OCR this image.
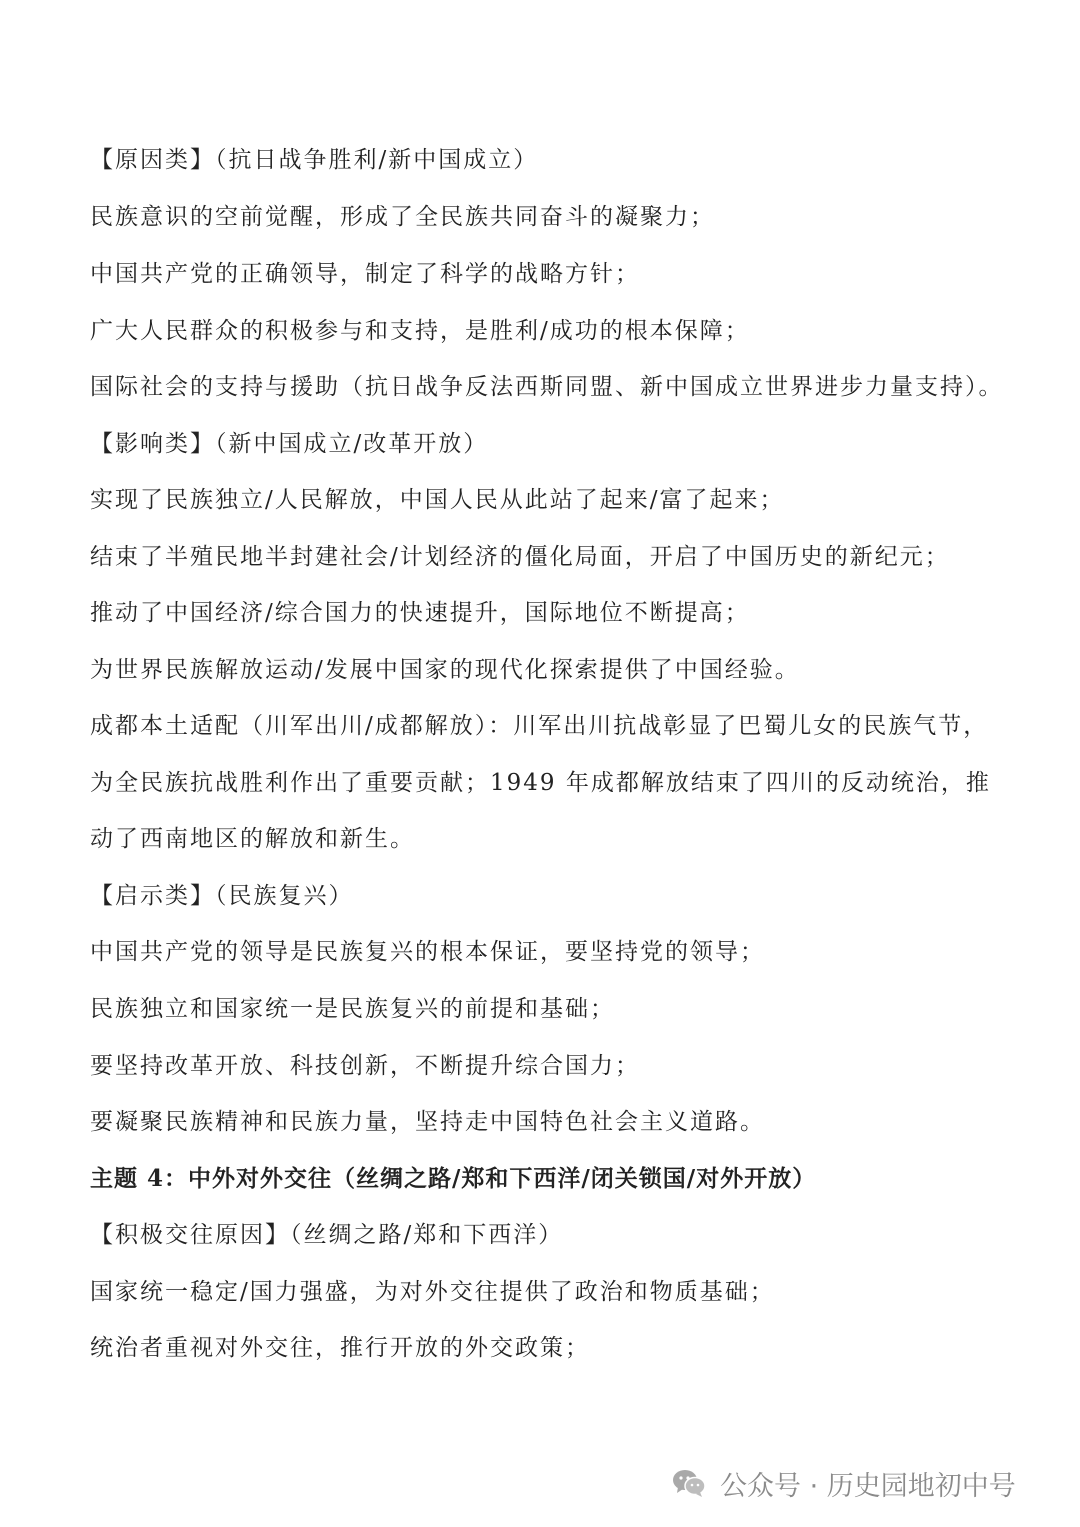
【原因类】（抗日战争胜利/新中国成立）
民族意识的空前觉醒，形成了全民族共同奋斗的凝聚力；
中国共产党的正确领导，制定了科学的战略方针；
广大人民群众的积极参与和支持，是胜利/成功的根本保障；
国际社会的支持与援助（抗日战争反法西斯同盟、新中国成立世界进步力量支持）。
【影响类】（新中国成立/改革开放）
实现了民族独立/人民解放，中国人民从此站了起来/富了起来；
结束了半殖民地半封建社会/计划经济的僵化局面，开启了中国历史的新纪元；
推动了中国经济/综合国力的快速提升，国际地位不断提高；
为世界民族解放运动/发展中国家的现代化探索提供了中国经验。
成都本土适配（川军出川/成都解放）：川军出川抗战彰显了巴蜀儿女的民族气节，
为全民族抗战胜利作出了重要贡献；1949 年成都解放结束了四川的反动统治，推
动了西南地区的解放和新生。
【启示类】（民族复兴）
中国共产党的领导是民族复兴的根本保证，要坚持党的领导；
民族独立和国家统一是民族复兴的前提和基础；
要坚持改革开放、科技创新，不断提升综合国力；
要凝聚民族精神和民族力量，坚持走中国特色社会主义道路。
主题 4：中外对外交往（丝绸之路/郑和下西洋/闭关锁国/对外开放）
【积极交往原因】（丝绸之路/郑和下西洋）
国家统一稳定/国力强盛，为对外交往提供了政治和物质基础；
统治者重视对外交往，推行开放的外交政策；
公众号 · 历史园地初中号
